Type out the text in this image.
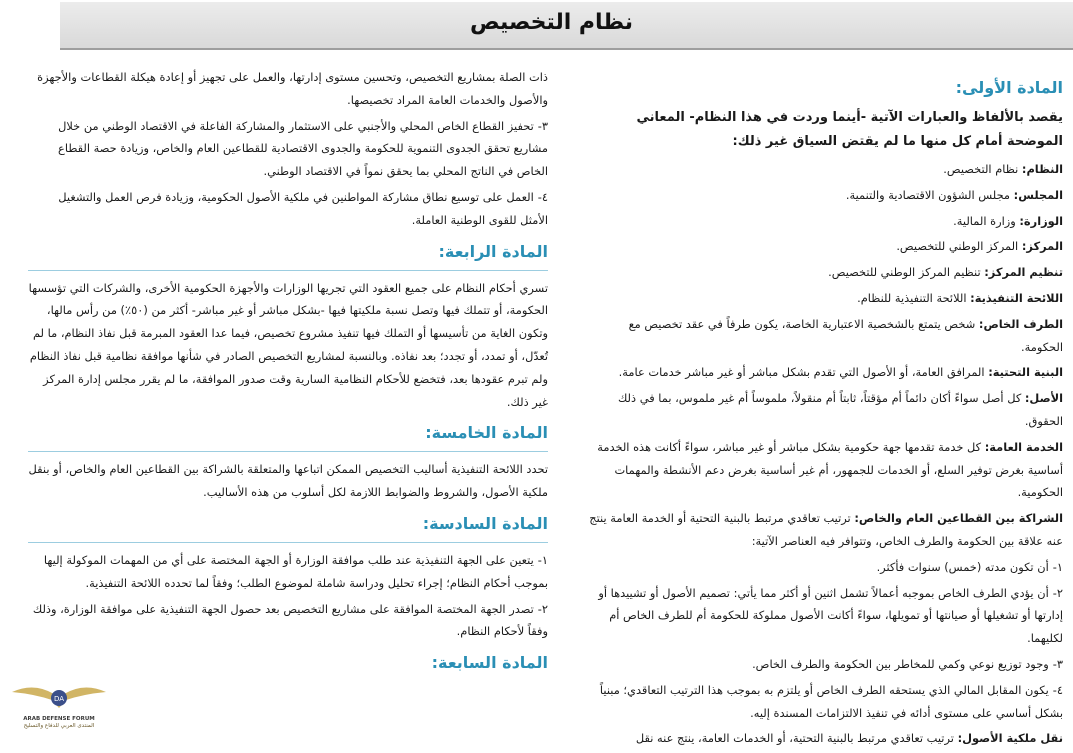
نظام التخصيص
المادة الأولى:
يقصد بالألفاظ والعبارات الآتية -أينما وردت في هذا النظام- المعاني الموضحة أمام كل منها ما لم يقتض السياق غير ذلك:
النظام: نظام التخصيص.
المجلس: مجلس الشؤون الاقتصادية والتنمية.
الوزارة: وزارة المالية.
المركز: المركز الوطني للتخصيص.
تنظيم المركز: تنظيم المركز الوطني للتخصيص.
اللائحة التنفيذية: اللائحة التنفيذية للنظام.
الطرف الخاص: شخص يتمتع بالشخصية الاعتبارية الخاصة، يكون طرفاً في عقد تخصيص مع الحكومة.
البنية التحتية: المرافق العامة، أو الأصول التي تقدم بشكل مباشر أو غير مباشر خدمات عامة.
الأصل: كل أصل سواءً أكان دائماً أم مؤقتاً، ثابتاً أم منقولاً، ملموساً أم غير ملموس، بما في ذلك الحقوق.
الخدمة العامة: كل خدمة تقدمها جهة حكومية بشكل مباشر أو غير مباشر، سواءً أكانت هذه الخدمة أساسية بغرض توفير السلع، أو الخدمات للجمهور، أم غير أساسية بغرض دعم الأنشطة والمهمات الحكومية.
الشراكة بين القطاعين العام والخاص: ترتيب تعاقدي مرتبط بالبنية التحتية أو الخدمة العامة ينتج عنه علاقة بين الحكومة والطرف الخاص، وتتوافر فيه العناصر الآتية:
١-أن تكون مدته (خمس) سنوات فأكثر.
٢-أن يؤدي الطرف الخاص بموجبه أعمالاً تشمل اثنين أو أكثر مما يأتي: تصميم الأصول أو تشييدها أو إدارتها أو تشغيلها أو صيانتها أو تمويلها، سواءً أكانت الأصول مملوكة للحكومة أم للطرف الخاص أم لكليهما.
٣-وجود توزيع نوعي وكمي للمخاطر بين الحكومة والطرف الخاص.
٤-يكون المقابل المالي الذي يستحقه الطرف الخاص أو يلتزم به بموجب هذا الترتيب التعاقدي؛ مبنياً بشكل أساسي على مستوى أدائه في تنفيذ الالتزامات المسندة إليه.
نقل ملكية الأصول: ترتيب تعاقدي مرتبط بالبنية التحتية، أو الخدمات العامة، ينتج عنه نقل
ذات الصلة بمشاريع التخصيص، وتحسين مستوى إدارتها، والعمل على تجهيز أو إعادة هيكلة القطاعات والأجهزة والأصول والخدمات العامة المراد تخصيصها.
٣-تحفيز القطاع الخاص المحلي والأجنبي على الاستثمار والمشاركة الفاعلة في الاقتصاد الوطني من خلال مشاريع تحقق الجدوى التنموية للحكومة والجدوى الاقتصادية للقطاعين العام والخاص، وزيادة حصة القطاع الخاص في الناتج المحلي بما يحقق نمواً في الاقتصاد الوطني.
٤-العمل على توسيع نطاق مشاركة المواطنين في ملكية الأصول الحكومية، وزيادة فرص العمل والتشغيل الأمثل للقوى الوطنية العاملة.
المادة الرابعة:
تسري أحكام النظام على جميع العقود التي تجريها الوزارات والأجهزة الحكومية الأخرى، والشركات التي تؤسسها الحكومة، أو تتملك فيها وتصل نسبة ملكيتها فيها -بشكل مباشر أو غير مباشر- أكثر من (٥٠٪) من رأس مالها، وتكون الغاية من تأسيسها أو التملك فيها تنفيذ مشروع تخصيص، فيما عدا العقود المبرمة قبل نفاذ النظام، ما لم تُعدّل، أو تمدد، أو تجدد؛ بعد نفاذه. وبالنسبة لمشاريع التخصيص الصادر في شأنها موافقة نظامية قبل نفاذ النظام ولم تبرم عقودها بعد، فتخضع للأحكام النظامية السارية وقت صدور الموافقة، ما لم يقرر مجلس إدارة المركز غير ذلك.
المادة الخامسة:
تحدد اللائحة التنفيذية أساليب التخصيص الممكن اتباعها والمتعلقة بالشراكة بين القطاعين العام والخاص، أو بنقل ملكية الأصول، والشروط والضوابط اللازمة لكل أسلوب من هذه الأساليب.
المادة السادسة:
١-يتعين على الجهة التنفيذية عند طلب موافقة الوزارة أو الجهة المختصة على أي من المهمات الموكولة إليها بموجب أحكام النظام؛ إجراء تحليل ودراسة شاملة لموضوع الطلب؛ وفقاً لما تحدده اللائحة التنفيذية.
٢-تصدر الجهة المختصة الموافقة على مشاريع التخصيص بعد حصول الجهة التنفيذية على موافقة الوزارة، وذلك وفقاً لأحكام النظام.
المادة السابعة:
DA
ARAB DEFENSE FORUM
المنتدى العربي للدفاع والتسليح
